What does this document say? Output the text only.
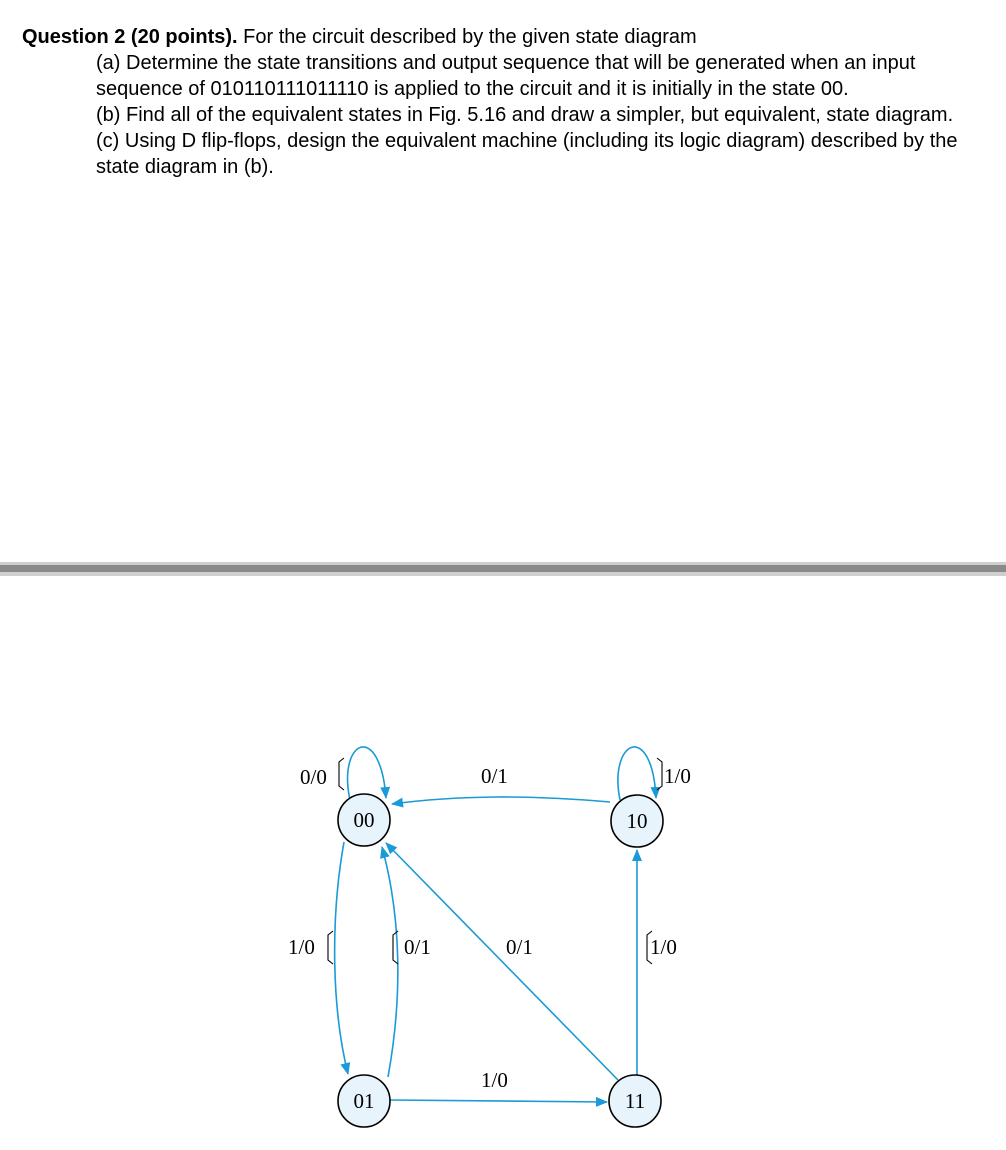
Question 2 (20 points). For the circuit described by the given state diagram

(a) Determine the state transitions and output sequence that will be generated when an input sequence of 010110111011110 is applied to the circuit and it is initially in the state 00.

(b) Find all of the equivalent states in Fig. 5.16 and draw a simpler, but equivalent, state diagram.

(c) Using D flip-flops, design the equivalent machine (including its logic diagram) described by the state diagram in (b).

00	10
01	11
0/0	0/1	1/0
1/0	0/1	0/1	1/0
1/0
